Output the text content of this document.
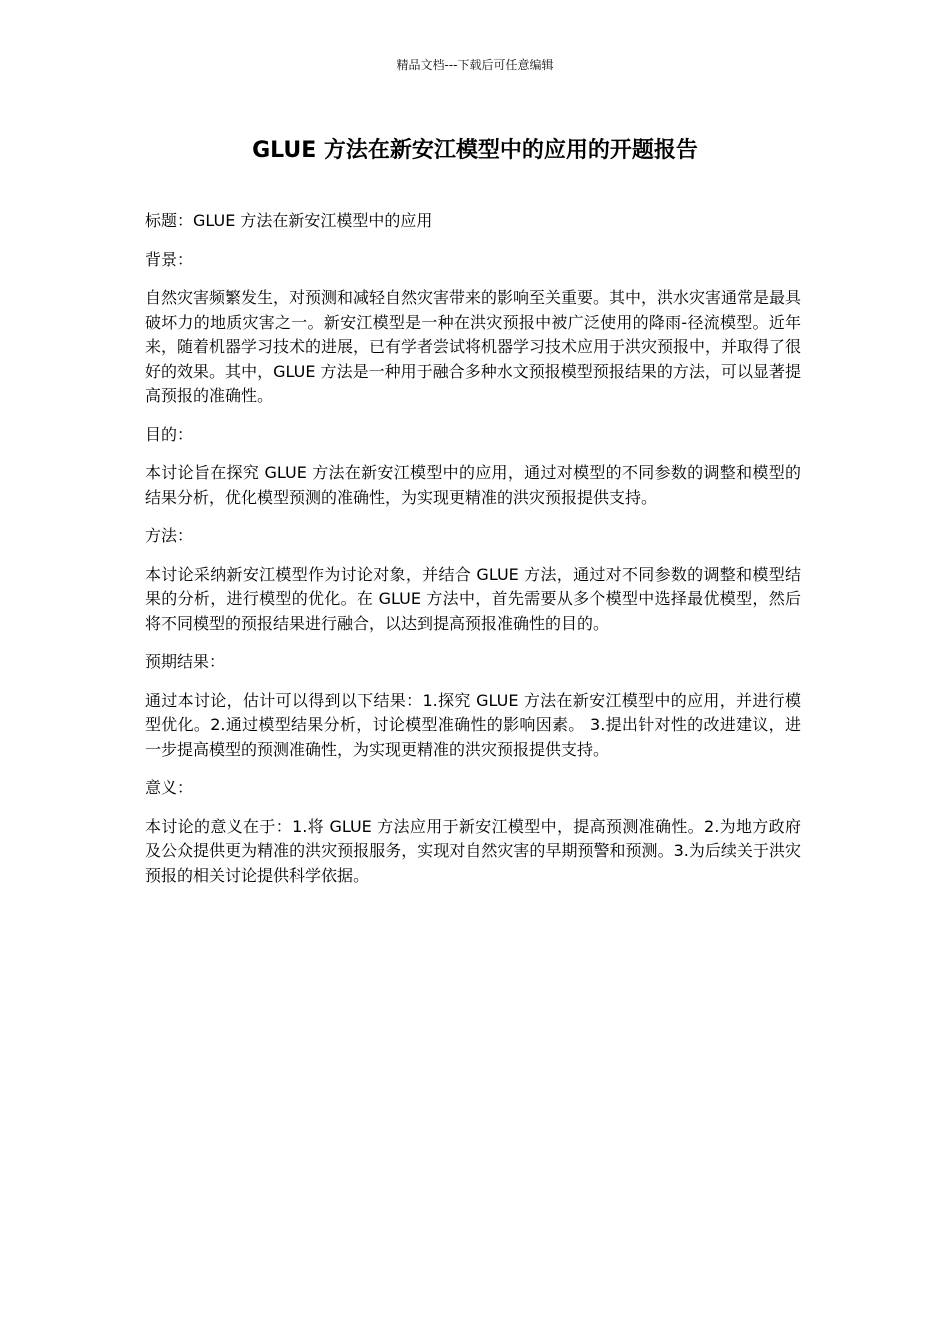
精品文档---下载后可任意编辑
GLUE 方法在新安江模型中的应用的开题报告

标题：GLUE 方法在新安江模型中的应用

背景：

自然灾害频繁发生，对预测和减轻自然灾害带来的影响至关重要。其中，洪水灾害通常是最具破坏力的地质灾害之一。新安江模型是一种在洪灾预报中被广泛使用的降雨-径流模型。近年来，随着机器学习技术的进展，已有学者尝试将机器学习技术应用于洪灾预报中，并取得了很好的效果。其中，GLUE 方法是一种用于融合多种水文预报模型预报结果的方法，可以显著提高预报的准确性。

目的：

本讨论旨在探究 GLUE 方法在新安江模型中的应用，通过对模型的不同参数的调整和模型的结果分析，优化模型预测的准确性，为实现更精准的洪灾预报提供支持。

方法：

本讨论采纳新安江模型作为讨论对象，并结合 GLUE 方法，通过对不同参数的调整和模型结果的分析，进行模型的优化。在 GLUE 方法中，首先需要从多个模型中选择最优模型，然后将不同模型的预报结果进行融合，以达到提高预报准确性的目的。

预期结果：

通过本讨论，估计可以得到以下结果：1.探究 GLUE 方法在新安江模型中的应用，并进行模型优化。2.通过模型结果分析，讨论模型准确性的影响因素。 3.提出针对性的改进建议，进一步提高模型的预测准确性，为实现更精准的洪灾预报提供支持。

意义：

本讨论的意义在于：1.将 GLUE 方法应用于新安江模型中，提高预测准确性。2.为地方政府及公众提供更为精准的洪灾预报服务，实现对自然灾害的早期预警和预测。3.为后续关于洪灾预报的相关讨论提供科学依据。
